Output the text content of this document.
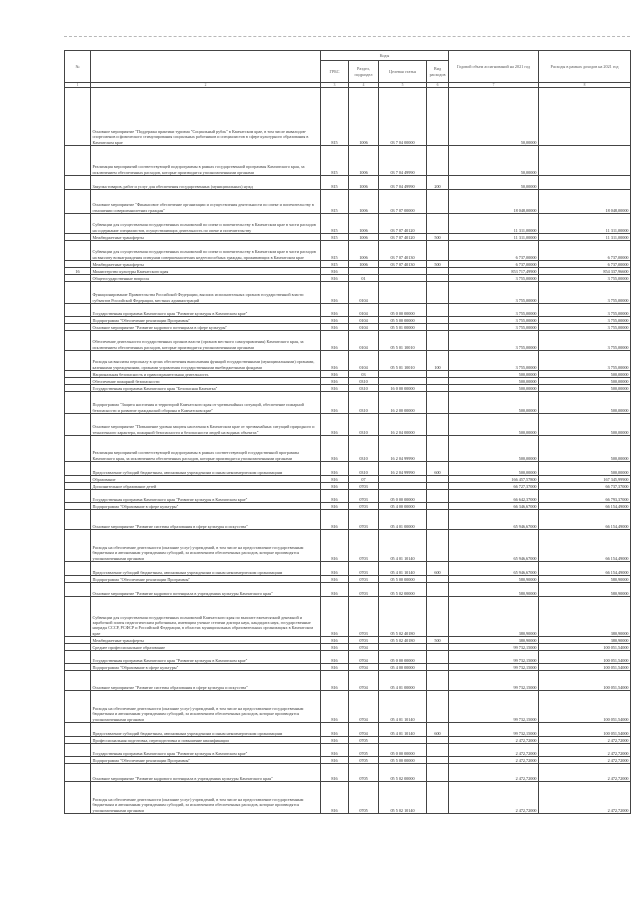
№		Коды				Годовой объем ассигнований на 2021 год	Расходы в рамках доходов на 2021 год
		ГРБС	Раздел, подраздел	Целевая статья	Вид расходов		
1	2	3	4	5	6	7	8
	Основное мероприятие "Поддержка практики туризма "Социальный рубль" в Камчатском крае, в том числе инвалидов-спортсменов и физического стимулирования социальных работников и специалистов в сфере культурного образования в Камчатском крае	815	1006	03 7 04 00000		50,00000	
	Реализация мероприятий соответствующей подпрограммы в рамках государственной программы Камчатского края, за исключением обеспеченных расходов, которые производятся уполномоченными органами	815	1006	03 7 04 49990		50,00000	
	Закупка товаров, работ и услуг для обеспечения государственных (муниципальных) нужд	815	1006	03 7 04 49990	200	50,00000	
	Основное мероприятие "Финансовое обеспечение организации и осуществления деятельности по опеке и попечительству в отношении совершеннолетних граждан"	815	1006	03 7 07 00000		18 048,00000	18 048,00000
	Субвенции для осуществления государственных полномочий по опеке и попечительству в Камчатском крае в части расходов на содержание специалистов, осуществляющих деятельность по опеке и попечительству	815	1006	03 7 07 40120		11 311,00000	11 311,00000
	Межбюджетные трансферты	815	1006	03 7 07 40120	500	11 311,00000	11 311,00000
	Субвенции для осуществления государственных полномочий по опеке и попечительству в Камчатском крае в части расходов на выплату вознаграждения опекунам совершеннолетних недееспособных граждан, проживающих в Камчатском крае	815	1006	03 7 07 40130		6 737,00000	6 737,00000
	Межбюджетные трансферты	815	1006	03 7 07 40130	500	6 737,00000	6 737,00000
16	Министерство культуры Камчатского края	816				853 717,49900	854 337,96600
	Общегосударственные вопросы	816	01			3 755,00000	3 755,00000
	Функционирование Правительства Российской Федерации, высших исполнительных органов государственной власти субъектов Российской Федерации, местных администраций	816	0104			3 755,00000	3 755,00000
	Государственная программа Камчатского края "Развитие культуры в Камчатском крае"	816	0104	05 0 00 00000		3 755,00000	3 755,00000
	Подпрограмма "Обеспечение реализации Программы"	816	0104	05 5 00 00000		3 755,00000	3 755,00000
	Основное мероприятие "Развитие кадрового потенциала в сфере культуры"	816	0104	05 5 01 00000		3 755,00000	3 755,00000
	Обеспечение деятельности государственных органов власти (органов местного самоуправления) Камчатского края, за исключением обеспеченных расходов, которые производятся уполномоченными органами	816	0104	05 5 01 10010		3 755,00000	3 755,00000
	Расходы на выплаты персоналу в целях обеспечения выполнения функций государственными (муниципальными) органами, казенными учреждениями, органами управления государственными внебюджетными фондами	816	0104	05 5 01 10010	100	3 755,00000	3 755,00000
	Национальная безопасность и правоохранительная деятельность	816	03			500,00000	500,00000
	Обеспечение пожарной безопасности	816	0310			500,00000	500,00000
	Государственная программа Камчатского края "Безопасная Камчатка"	816	0310	16 0 00 00000		500,00000	500,00000
	Подпрограмма "Защита населения и территорий Камчатского края от чрезвычайных ситуаций, обеспечение пожарной безопасности и развитие гражданской обороны в Камчатском крае"	816	0310	16 2 00 00000		500,00000	500,00000
	Основное мероприятие "Повышение уровня защиты населения в Камчатском крае от чрезвычайных ситуаций природного и техногенного характера, пожарной безопасности и безопасности людей на водных объектах"	816	0310	16 2 04 00000		500,00000	500,00000
	Реализация мероприятий соответствующей подпрограммы в рамках соответствующей государственной программы Камчатского края, за исключением обеспеченных расходов, которые производятся уполномоченными органами	816	0310	16 2 04 99990		500,00000	500,00000
	Предоставление субсидий бюджетным, автономным учреждениям и иным некоммерческим организациям	816	0310	16 2 04 99990	600	500,00000	500,00000
	Образование	816	07			166 457,57800	167 345,99900
	Дополнительное образование детей	816	0703			66 727,37000	66 737,37000
	Государственная программа Камчатского края "Развитие культуры в Камчатском крае"	816	0703	05 0 00 00000		66 642,37000	66 793,37000
	Подпрограмма "Образование в сфере культуры"	816	0703	05 4 00 00000		66 346,67000	66 154,49000
	Основное мероприятие "Развитие системы образования в сфере культуры и искусства"	816	0703	05 4 01 00000		65 946,67000	66 154,49000
	Расходы на обеспечение деятельности (оказание услуг) учреждений, в том числе на предоставление государственным бюджетным и автономным учреждениям субсидий, за исключением обеспеченных расходов, которые производятся уполномоченными органами	816	0703	05 4 01 10140		65 946,67000	66 154,49000
	Предоставление субсидий бюджетным, автономным учреждениям и иным некоммерческим организациям	816	0703	05 4 01 10140	600	65 946,67000	66 154,49000
	Подпрограмма "Обеспечение реализации Программы"	816	0703	05 5 00 00000		580,90000	580,90000
	Основное мероприятие "Развитие кадрового потенциала в учреждениях культуры Камчатского края"	816	0703	05 5 02 00000		580,90000	580,90000
	Субвенции для осуществления государственных полномочий Камчатского края по выплате ежемесячной денежной и заработной платы педагогическим работникам, имеющим ученые степени доктора наук, кандидата наук, государственные награды СССР, РСФСР и Российской Федерации, в областях муниципальных образовательных организациях в Камчатском крае	816	0703	05 5 02 40180		380,90000	380,90000
	Межбюджетные трансферты	816	0703	05 5 02 40180	500	380,90000	380,90000
	Среднее профессиональное образование	816	0704			99 732,15000	100 051,54000
	Государственная программа Камчатского края "Развитие культуры в Камчатском крае"	816	0704	05 0 00 00000		99 732,15000	100 051,54000
	Подпрограмма "Образование в сфере культуры"	816	0704	05 4 00 00000		99 732,15000	100 051,54000
	Основное мероприятие "Развитие системы образования в сфере культуры и искусства"	816	0704	05 4 01 00000		99 732,15000	100 051,54000
	Расходы на обеспечение деятельности (оказание услуг) учреждений, в том числе на предоставление государственным бюджетным и автономным учреждениям субсидий, за исключением обеспеченных расходов, которые производятся уполномоченными органами	816	0704	05 4 01 10140		99 732,15000	100 051,54000
	Предоставление субсидий бюджетным, автономным учреждениям и иным некоммерческим организациям	816	0704	05 4 01 10140	600	99 732,15000	100 051,54000
	Профессиональная подготовка, переподготовка и повышение квалификации	816	0705			2 472,72000	2 472,72000
	Государственная программа Камчатского края "Развитие культуры в Камчатском крае"	816	0705	05 0 00 00000		2 472,72000	2 472,72000
	Подпрограмма "Обеспечение реализации Программы"	816	0705	05 5 00 00000		2 472,72000	2 472,72000
	Основное мероприятие "Развитие кадрового потенциала в учреждениях культуры Камчатского края"	816	0705	05 5 02 00000		2 472,72000	2 472,72000
	Расходы на обеспечение деятельности (оказание услуг) учреждений, в том числе на предоставление государственным бюджетным и автономным учреждениям субсидий, за исключением обеспеченных расходов, которые производятся уполномоченными органами	816	0705	05 5 02 10140		2 472,72000	2 472,72000
